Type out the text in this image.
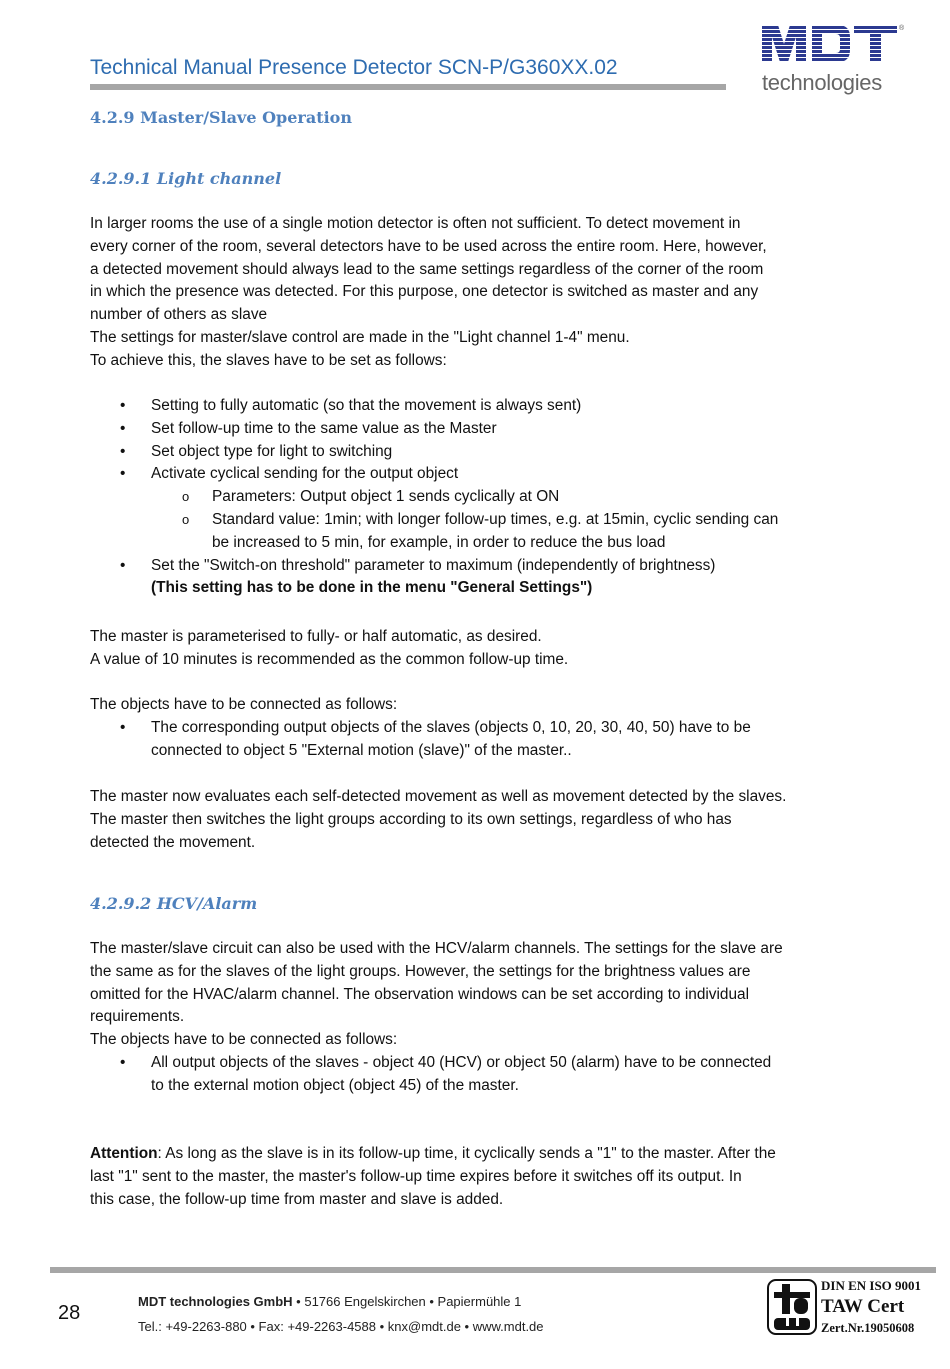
Technical Manual Presence Detector SCN-P/G360XX.02
®
technologies
4.2.9 Master/Slave Operation
4.2.9.1 Light channel
In larger rooms the use of a single motion detector is often not sufficient. To detect movement in
every corner of the room, several detectors have to be used across the entire room. Here, however,
a detected movement should always lead to the same settings regardless of the corner of the room
in which the presence was detected. For this purpose, one detector is switched as master and any
number of others as slave
The settings for master/slave control are made in the "Light channel 1-4" menu.
To achieve this, the slaves have to be set as follows:
• Setting to fully automatic (so that the movement is always sent)
• Set follow-up time to the same value as the Master
• Set object type for light to switching
• Activate cyclical sending for the output object
o Parameters: Output object 1 sends cyclically at ON
o Standard value: 1min; with longer follow-up times, e.g. at 15min, cyclic sending can
be increased to 5 min, for example, in order to reduce the bus load
• Set the "Switch-on threshold" parameter to maximum (independently of brightness)
(This setting has to be done in the menu "General Settings")
The master is parameterised to fully- or half automatic, as desired.
A value of 10 minutes is recommended as the common follow-up time.
The objects have to be connected as follows:
• The corresponding output objects of the slaves (objects 0, 10, 20, 30, 40, 50) have to be
connected to object 5 "External motion (slave)" of the master..
The master now evaluates each self-detected movement as well as movement detected by the slaves.
The master then switches the light groups according to its own settings, regardless of who has
detected the movement.
4.2.9.2 HCV/Alarm
The master/slave circuit can also be used with the HCV/alarm channels. The settings for the slave are
the same as for the slaves of the light groups. However, the settings for the brightness values are
omitted for the HVAC/alarm channel. The observation windows can be set according to individual
requirements.
The objects have to be connected as follows:
• All output objects of the slaves - object 40 (HCV) or object 50 (alarm) have to be connected
to the external motion object (object 45) of the master.
Attention: As long as the slave is in its follow-up time, it cyclically sends a "1" to the master. After the
last "1" sent to the master, the master's follow-up time expires before it switches off its output. In
this case, the follow-up time from master and slave is added.
28
MDT technologies GmbH • 51766 Engelskirchen • Papiermühle 1
Tel.: +49-2263-880 • Fax: +49-2263-4588 • knx@mdt.de • www.mdt.de
DIN EN ISO 9001
TAW Cert
Zert.Nr.19050608
